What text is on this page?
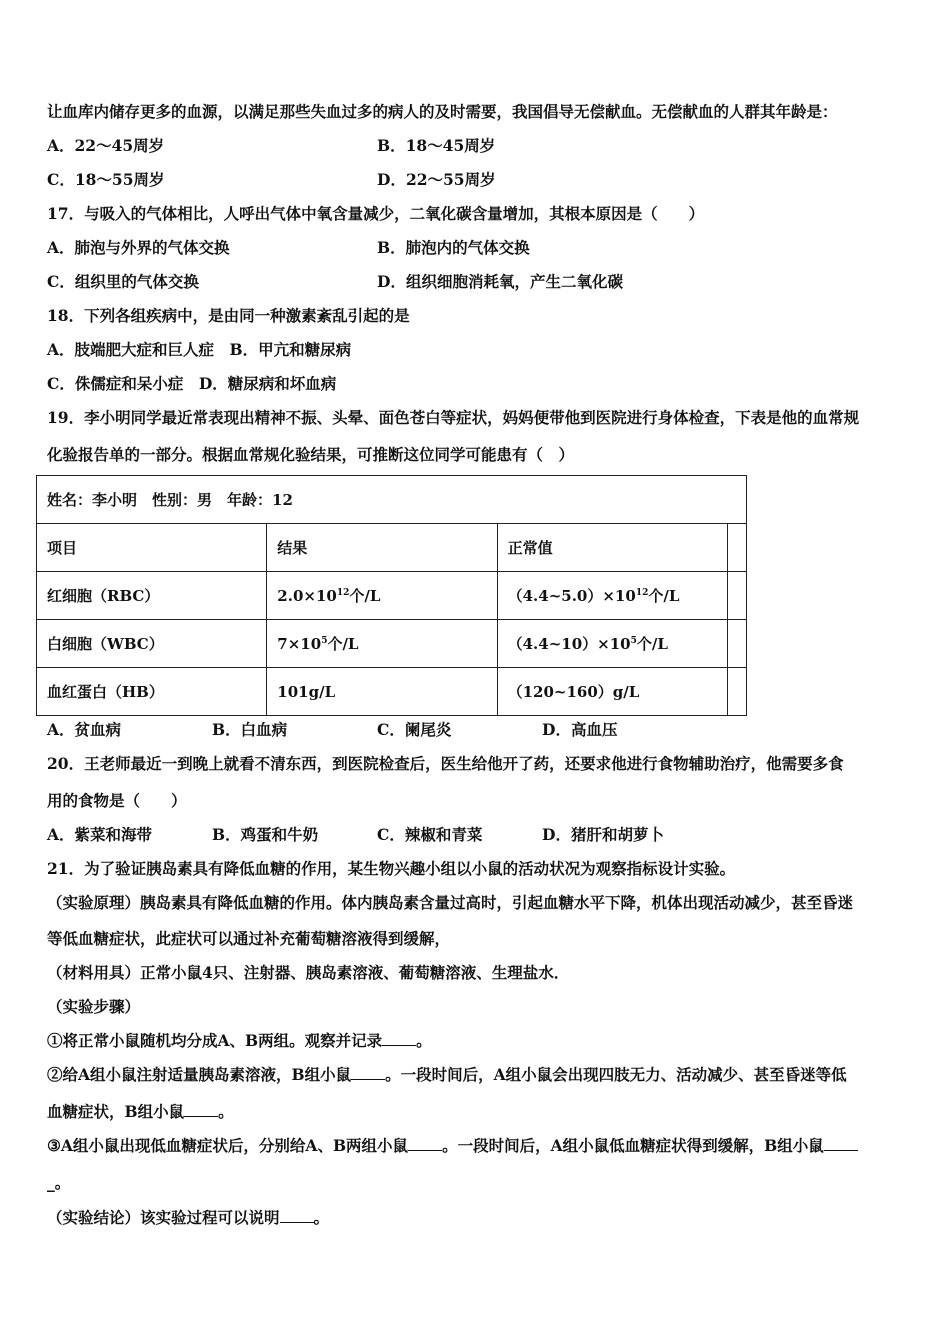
让血库内储存更多的血源，以满足那些失血过多的病人的及时需要，我国倡导无偿献血。无偿献血的人群其年龄是：
A．22～45周岁	B．18～45周岁
C．18～55周岁	D．22～55周岁
17．与吸入的气体相比，人呼出气体中氧含量减少，二氧化碳含量增加，其根本原因是（　　）
A．肺泡与外界的气体交换	B．肺泡内的气体交换
C．组织里的气体交换	D．组织细胞消耗氧，产生二氧化碳
18．下列各组疾病中，是由同一种激素紊乱引起的是
A．肢端肥大症和巨人症　B．甲亢和糖尿病
C．侏儒症和呆小症　D．糖尿病和坏血病
19．李小明同学最近常表现出精神不振、头晕、面色苍白等症状，妈妈便带他到医院进行身体检查，下表是他的血常规
化验报告单的一部分。根据血常规化验结果，可推断这位同学可能患有（　）
姓名：李小明　性别：男　年龄：12			
项目	结果	正常值	
红细胞（RBC）	$2.0\times 10^{12}$个/L	$(4.4\sim 5.0)\times 10^{12}$个/L	
白细胞（WBC）	$7\times 10^5$个/L	$(4.4\sim 10)\times 10^5$个/L	
血红蛋白（HB）	101g/L	（120~160）g/L	
A．贫血病	B．白血病	C．阑尾炎	D．高血压
20．王老师最近一到晚上就看不清东西，到医院检查后，医生给他开了药，还要求他进行食物辅助治疗，他需要多食
用的食物是（　　）
A．紫菜和海带	B．鸡蛋和牛奶	C．辣椒和青菜	D．猪肝和胡萝卜
21．为了验证胰岛素具有降低血糖的作用，某生物兴趣小组以小鼠的活动状况为观察指标设计实验。
（实验原理）胰岛素具有降低血糖的作用。体内胰岛素含量过高时，引起血糖水平下降，机体出现活动减少，甚至昏迷
等低血糖症状，此症状可以通过补充葡萄糖溶液得到缓解，
（材料用具）正常小鼠4只、注射器、胰岛素溶液、葡萄糖溶液、生理盐水．
（实验步骤）
①将正常小鼠随机均分成A、B两组。观察并记录 。
②给A组小鼠注射适量胰岛素溶液，B组小鼠 。一段时间后，A组小鼠会出现四肢无力、活动减少、甚至昏迷等低
血糖症状，B组小鼠 。
③A组小鼠出现低血糖症状后，分别给A、B两组小鼠 。一段时间后，A组小鼠低血糖症状得到缓解，B组小鼠
_。
（实验结论）该实验过程可以说明 。
